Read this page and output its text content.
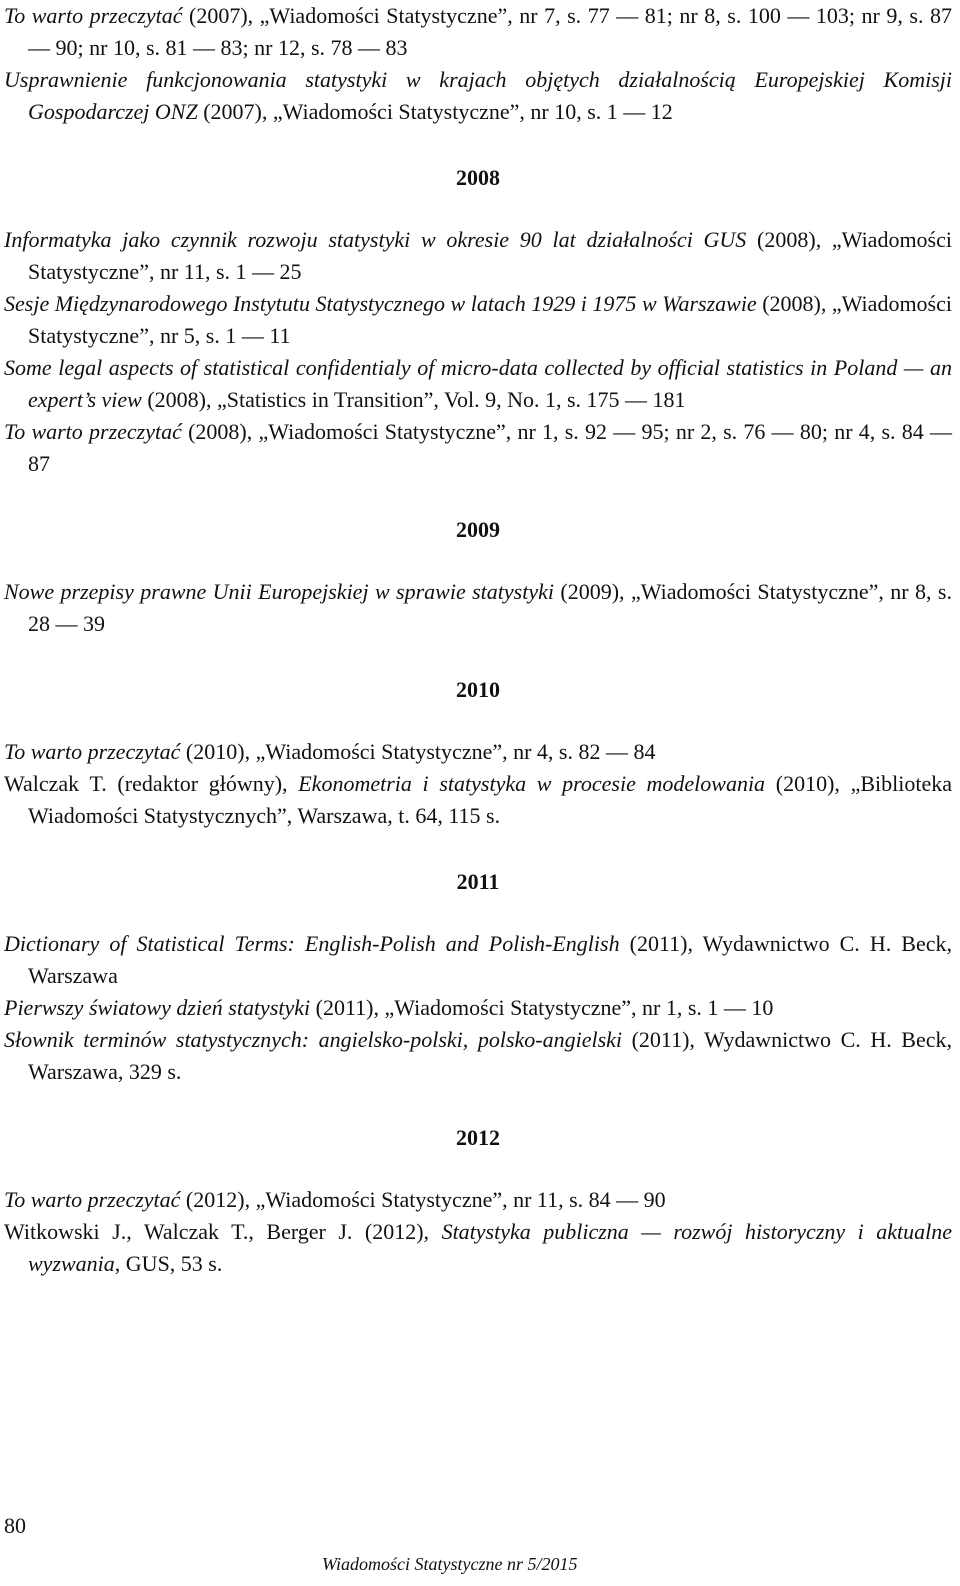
To warto przeczytać (2007), „Wiadomości Statystyczne”, nr 7, s. 77 — 81; nr 8, s. 100 — 103; nr 9, s. 87 — 90; nr 10, s. 81 — 83; nr 12, s. 78 — 83

Usprawnienie funkcjonowania statystyki w krajach objętych działalnością Europejskiej Komisji Gospodarczej ONZ (2007), „Wiadomości Statystyczne”, nr 10, s. 1 — 12

2008

Informatyka jako czynnik rozwoju statystyki w okresie 90 lat działalności GUS (2008), „Wiadomości Statystyczne”, nr 11, s. 1 — 25

Sesje Międzynarodowego Instytutu Statystycznego w latach 1929 i 1975 w Warszawie (2008), „Wiadomości Statystyczne”, nr 5, s. 1 — 11

Some legal aspects of statistical confidentialy of micro-data collected by official statistics in Poland — an expert’s view (2008), „Statistics in Transition”, Vol. 9, No. 1, s. 175 — 181

To warto przeczytać (2008), „Wiadomości Statystyczne”, nr 1, s. 92 — 95; nr 2, s. 76 — 80; nr 4, s. 84 — 87

2009

Nowe przepisy prawne Unii Europejskiej w sprawie statystyki (2009), „Wiadomości Statystyczne”, nr 8, s. 28 — 39

2010

To warto przeczytać (2010), „Wiadomości Statystyczne”, nr 4, s. 82 — 84

Walczak T. (redaktor główny), Ekonometria i statystyka w procesie modelowania (2010), „Biblioteka Wiadomości Statystycznych”, Warszawa, t. 64, 115 s.

2011

Dictionary of Statistical Terms: English-Polish and Polish-English (2011), Wydawnictwo C. H. Beck, Warszawa

Pierwszy światowy dzień statystyki (2011), „Wiadomości Statystyczne”, nr 1, s. 1 — 10

Słownik terminów statystycznych: angielsko-polski, polsko-angielski (2011), Wydawnictwo C. H. Beck, Warszawa, 329 s.

2012

To warto przeczytać (2012), „Wiadomości Statystyczne”, nr 11, s. 84 — 90

Witkowski J., Walczak T., Berger J. (2012), Statystyka publiczna — rozwój historyczny i aktualne wyzwania, GUS, 53 s.

80
Wiadomości Statystyczne nr 5/2015
